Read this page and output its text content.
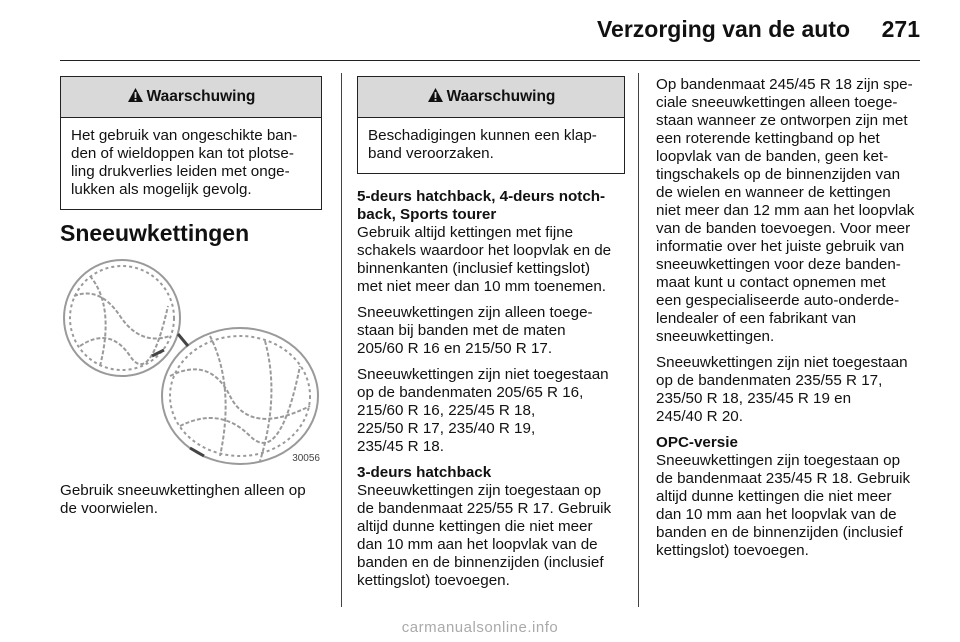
Verzorging van de auto 271
Waarschuwing
Het gebruik van ongeschikte ban-
den of wieldoppen kan tot plotse-
ling drukverlies leiden met onge-
lukken als mogelijk gevolg.
Sneeuwkettingen
30056

Gebruik sneeuwkettinghen alleen op
de voorwielen.

Waarschuwing
Beschadigingen kunnen een klap-
band veroorzaken.

5-deurs hatchback, 4-deurs notch-
back, Sports tourer
Gebruik altijd kettingen met fijne
schakels waardoor het loopvlak en de
binnenkanten (inclusief kettingslot)
met niet meer dan 10 mm toenemen.

Sneeuwkettingen zijn alleen toege-
staan bij banden met de maten
205/60 R 16 en 215/50 R 17.

Sneeuwkettingen zijn niet toegestaan
op de bandenmaten 205/65 R 16,
215/60 R 16, 225/45 R 18,
225/50 R 17, 235/40 R 19,
235/45 R 18.

3-deurs hatchback
Sneeuwkettingen zijn toegestaan op
de bandenmaat 225/55 R 17. Gebruik
altijd dunne kettingen die niet meer
dan 10 mm aan het loopvlak van de
banden en de binnenzijden (inclusief
kettingslot) toevoegen.

Op bandenmaat 245/45 R 18 zijn spe-
ciale sneeuwkettingen alleen toege-
staan wanneer ze ontworpen zijn met
een roterende kettingband op het
loopvlak van de banden, geen ket-
tingschakels op de binnenzijden van
de wielen en wanneer de kettingen
niet meer dan 12 mm aan het loopvlak
van de banden toevoegen. Voor meer
informatie over het juiste gebruik van
sneeuwkettingen voor deze banden-
maat kunt u contact opnemen met
een gespecialiseerde auto-onderde-
lendealer of een fabrikant van
sneeuwkettingen.

Sneeuwkettingen zijn niet toegestaan
op de bandenmaten 235/55 R 17,
235/50 R 18, 235/45 R 19 en
245/40 R 20.

OPC-versie
Sneeuwkettingen zijn toegestaan op
de bandenmaat 235/45 R 18. Gebruik
altijd dunne kettingen die niet meer
dan 10 mm aan het loopvlak van de
banden en de binnenzijden (inclusief
kettingslot) toevoegen.

carmanualsonline.info
